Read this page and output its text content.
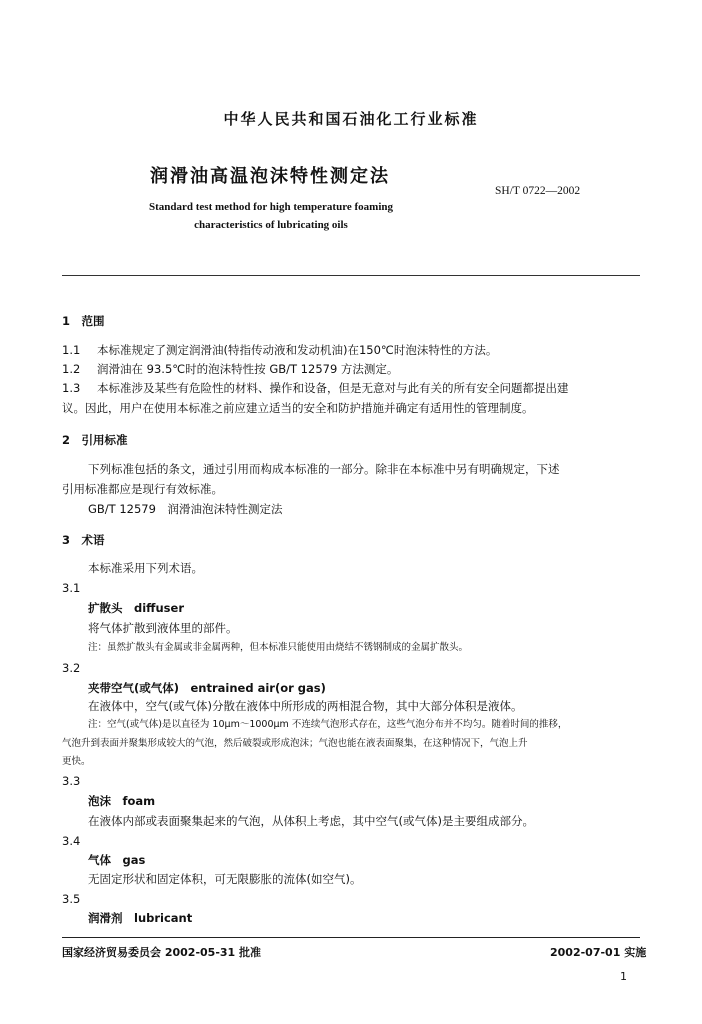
中华人民共和国石油化工行业标准
润滑油高温泡沫特性测定法
SH/T 0722—2002
Standard test method for high temperature foaming
characteristics of lubricating oils
1　范围
1.1 本标准规定了测定润滑油(特指传动液和发动机油)在150℃时泡沫特性的方法。
1.2 润滑油在 93.5℃时的泡沫特性按 GB/T 12579 方法测定。
1.3 本标准涉及某些有危险性的材料、操作和设备，但是无意对与此有关的所有安全问题都提出建
议。因此，用户在使用本标准之前应建立适当的安全和防护措施并确定有适用性的管理制度。
2　引用标准
下列标准包括的条文，通过引用而构成本标准的一部分。除非在本标准中另有明确规定，下述
引用标准都应是现行有效标准。
GB/T 12579　润滑油泡沫特性测定法
3　术语
本标准采用下列术语。
3.1
扩散头　diffuser
将气体扩散到液体里的部件。
注：虽然扩散头有金属或非金属两种，但本标准只能使用由烧结不锈钢制成的金属扩散头。
3.2
夹带空气(或气体)　entrained air(or gas)
在液体中，空气(或气体)分散在液体中所形成的两相混合物，其中大部分体积是液体。
注：空气(或气体)是以直径为 10μm～1000μm 不连续气泡形式存在，这些气泡分布并不均匀。随着时间的推移，
气泡升到表面并聚集形成较大的气泡，然后破裂或形成泡沫；气泡也能在液表面聚集，在这种情况下，气泡上升
更快。
3.3
泡沫　foam
在液体内部或表面聚集起来的气泡，从体积上考虑，其中空气(或气体)是主要组成部分。
3.4
气体　gas
无固定形状和固定体积，可无限膨胀的流体(如空气)。
3.5
润滑剂　lubricant
国家经济贸易委员会 2002-05-31 批准	2002-07-01 实施
1
